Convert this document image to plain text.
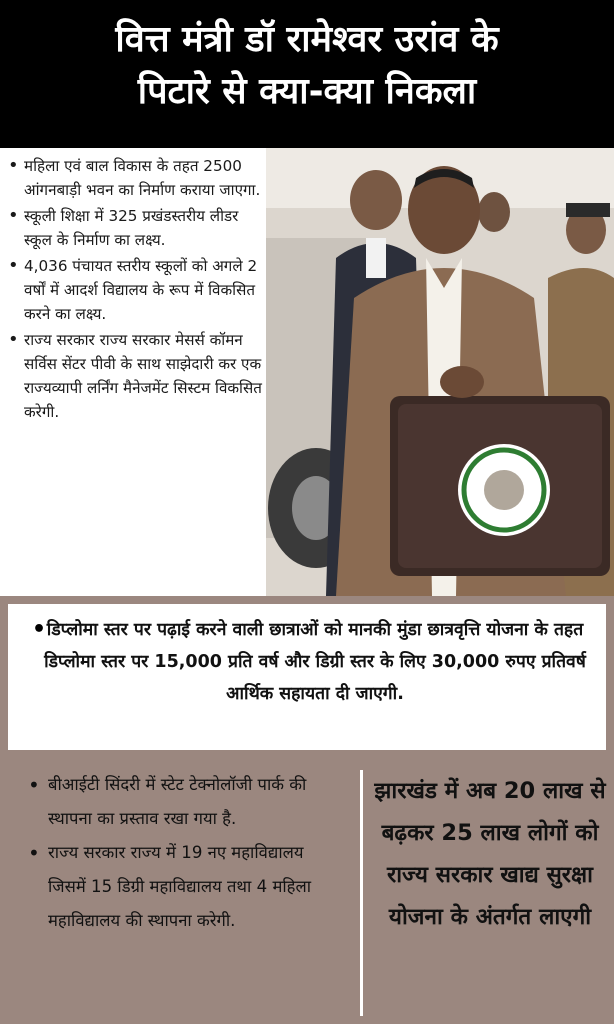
वित्त मंत्री डॉ रामेश्वर उरांव के
पिटारे से क्या-क्या निकला
• महिला एवं बाल विकास के तहत 2500 आंगनबाड़ी भवन का निर्माण कराया जाएगा.
• स्कूली शिक्षा में 325 प्रखंडस्तरीय लीडर स्कूल के निर्माण का लक्ष्य.
• 4,036 पंचायत स्तरीय स्कूलों को अगले 2 वर्षों में आदर्श विद्यालय के रूप में विकसित करने का लक्ष्य.
• राज्य सरकार राज्य सरकार मेसर्स कॉमन सर्विस सेंटर पीवी के साथ साझेदारी कर एक राज्यव्यापी लर्निंग मैनेजमेंट सिस्टम विकसित करेगी.
• डिप्लोमा स्तर पर पढ़ाई करने वाली छात्राओं को मानकी मुंडा छात्रवृत्ति योजना के तहत डिप्लोमा स्तर पर 15,000 प्रति वर्ष और डिग्री स्तर के लिए 30,000 रुपए प्रतिवर्ष आर्थिक सहायता दी जाएगी.
• बीआईटी सिंदरी में स्टेट टेक्नोलॉजी पार्क की स्थापना का प्रस्ताव रखा गया है.
• राज्य सरकार राज्य में 19 नए महाविद्यालय जिसमें 15 डिग्री महाविद्यालय तथा 4 महिला महाविद्यालय की स्थापना करेगी.
झारखंड में अब 20 लाख से बढ़कर 25 लाख लोगों को राज्य सरकार खाद्य सुरक्षा योजना के अंतर्गत लाएगी
